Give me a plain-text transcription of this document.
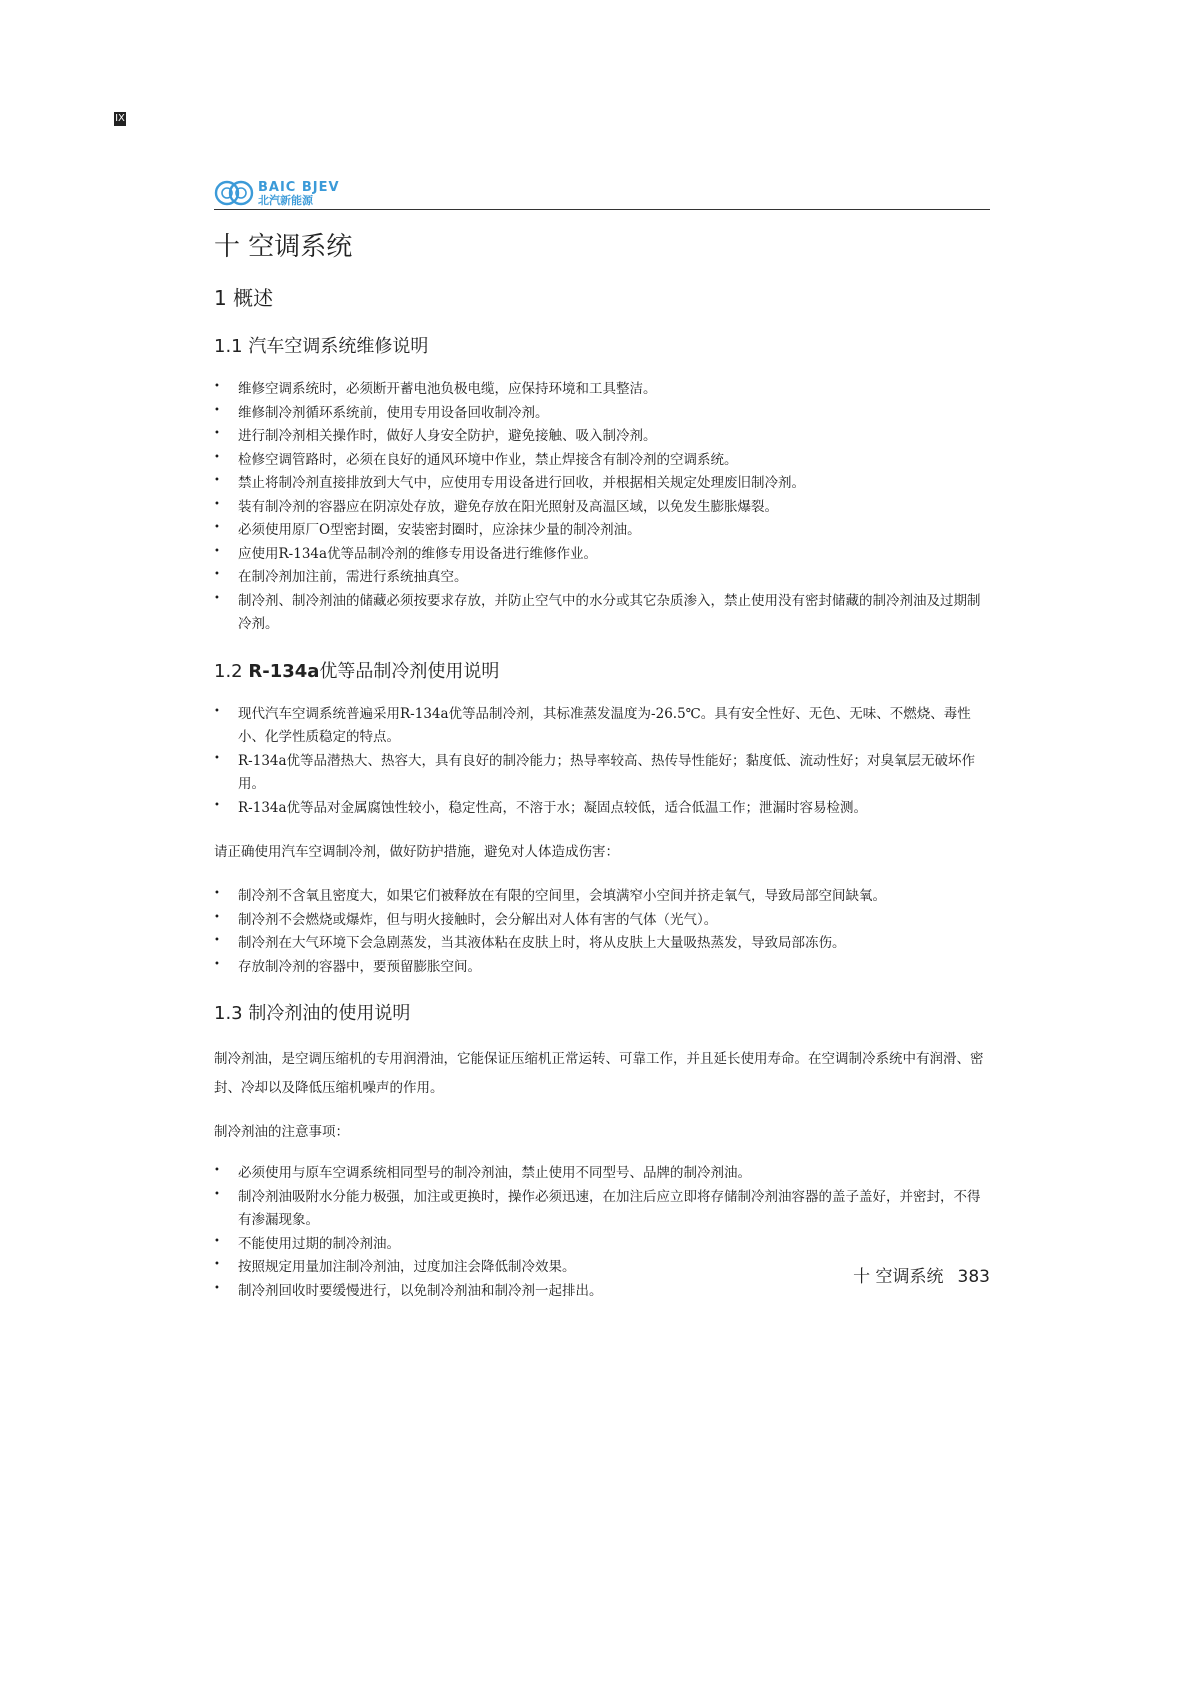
IX
BAIC BJEV
北汽新能源
十 空调系统
1 概述
1.1 汽车空调系统维修说明
• 维修空调系统时，必须断开蓄电池负极电缆，应保持环境和工具整洁。
• 维修制冷剂循环系统前，使用专用设备回收制冷剂。
• 进行制冷剂相关操作时，做好人身安全防护，避免接触、吸入制冷剂。
• 检修空调管路时，必须在良好的通风环境中作业，禁止焊接含有制冷剂的空调系统。
• 禁止将制冷剂直接排放到大气中，应使用专用设备进行回收，并根据相关规定处理废旧制冷剂。
• 装有制冷剂的容器应在阴凉处存放，避免存放在阳光照射及高温区域，以免发生膨胀爆裂。
• 必须使用原厂O型密封圈，安装密封圈时，应涂抹少量的制冷剂油。
• 应使用R-134a优等品制冷剂的维修专用设备进行维修作业。
• 在制冷剂加注前，需进行系统抽真空。
• 制冷剂、制冷剂油的储藏必须按要求存放，并防止空气中的水分或其它杂质渗入，禁止使用没有密封储藏的制冷剂油及过期制冷剂。
1.2 R-134a优等品制冷剂使用说明
• 现代汽车空调系统普遍采用R-134a优等品制冷剂，其标准蒸发温度为-26.5℃。具有安全性好、无色、无味、不燃烧、毒性小、化学性质稳定的特点。
• R-134a优等品潜热大、热容大，具有良好的制冷能力；热导率较高、热传导性能好；黏度低、流动性好；对臭氧层无破坏作用。
• R-134a优等品对金属腐蚀性较小，稳定性高，不溶于水；凝固点较低，适合低温工作；泄漏时容易检测。

请正确使用汽车空调制冷剂，做好防护措施，避免对人体造成伤害：

• 制冷剂不含氧且密度大，如果它们被释放在有限的空间里，会填满窄小空间并挤走氧气，导致局部空间缺氧。
• 制冷剂不会燃烧或爆炸，但与明火接触时，会分解出对人体有害的气体（光气）。
• 制冷剂在大气环境下会急剧蒸发，当其液体粘在皮肤上时，将从皮肤上大量吸热蒸发，导致局部冻伤。
• 存放制冷剂的容器中，要预留膨胀空间。
1.3 制冷剂油的使用说明

制冷剂油，是空调压缩机的专用润滑油，它能保证压缩机正常运转、可靠工作，并且延长使用寿命。在空调制冷系统中有润滑、密封、冷却以及降低压缩机噪声的作用。

制冷剂油的注意事项：

• 必须使用与原车空调系统相同型号的制冷剂油，禁止使用不同型号、品牌的制冷剂油。
• 制冷剂油吸附水分能力极强，加注或更换时，操作必须迅速，在加注后应立即将存储制冷剂油容器的盖子盖好，并密封，不得有渗漏现象。
• 不能使用过期的制冷剂油。
• 按照规定用量加注制冷剂油，过度加注会降低制冷效果。
• 制冷剂回收时要缓慢进行，以免制冷剂油和制冷剂一起排出。
十 空调系统 383
